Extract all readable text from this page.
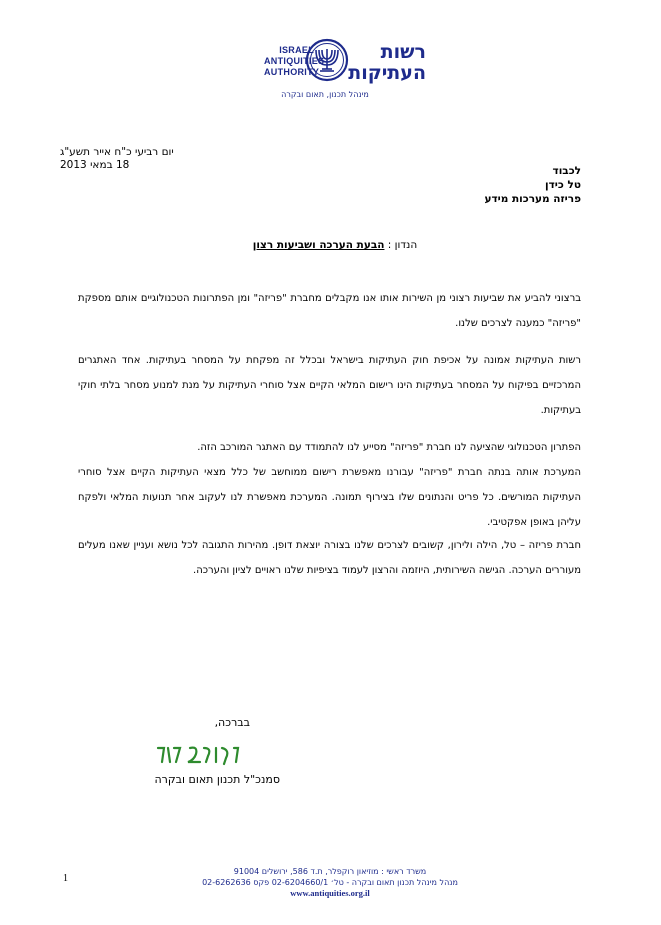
ISRAEL
ANTIQUITIES
AUTHORITY
רשות
העתיקות
מינהל תכנון, תאום ובקרה
יום רביעי כ"ח אייר תשע"ג
18 במאי 2013	לכבוד
טל כידן
פריזה מערכות מידע
הנדון : הבעת הערכה ושביעות רצון
ברצוני להביע את שביעות רצוני מן השירות אותו אנו מקבלים מחברת "פריזה" ומן הפתרונות הטכנולוגיים אותם מספקת "פריזה" כמענה לצרכים שלנו.
רשות העתיקות אמונה על אכיפת חוק העתיקות בישראל ובכלל זה מפקחת על המסחר בעתיקות. אחד האתגרים המרכזיים בפיקוח על המסחר בעתיקות הינו רישום המלאי הקיים אצל סוחרי העתיקות על מנת למנוע מסחר בלתי חוקי בעתיקות.
הפתרון הטכנולוגי שהציעה לנו חברת "פריזה" מסייע לנו להתמודד עם האתגר המורכב הזה.
המערכת אותה בנתה חברת "פריזה" עבורנו מאפשרת רישום ממוחשב של כלל מצאי העתיקות הקיים אצל סוחרי העתיקות המורשים. כל פריט והנתונים שלו בצירוף תמונה. המערכת מאפשרת לנו לעקוב אחר תנועות המלאי ולפקח עליהן באופן אפקטיבי.
חברת פריזה – טל, הילה ולירון, קשובים לצרכים שלנו בצורה יוצאת דופן. מהירות התגובה לכל נושא ועניין שאנו מעלים מעוררים הערכה. הגישה השירותית, היוזמה והרצון לעמוד בציפיות שלנו ראויים לציון והערכה.
בברכה,
סמנכ"ל תכנון תאום ובקרה
1
משרד ראשי : מוזיאון רוקפלר, ת.ד 586, ירושלים 91004
מנהל מינהל תכנון תאום ובקרה - טל׳ 02-6204660/1 פקס 02-6262636
www.antiquities.org.il
